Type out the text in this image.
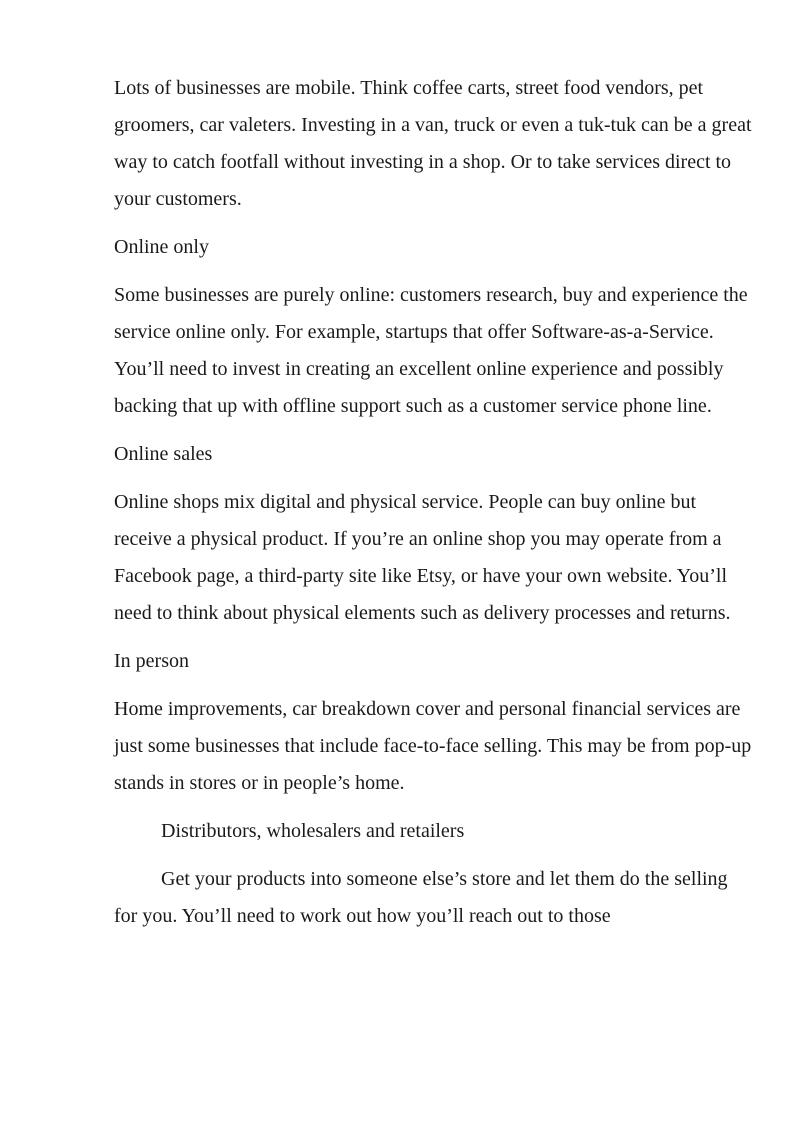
Lots of businesses are mobile. Think coffee carts, street food vendors, pet groomers, car valeters. Investing in a van, truck or even a tuk-tuk can be a great way to catch footfall without investing in a shop. Or to take services direct to your customers.

Online only

Some businesses are purely online: customers research, buy and experience the service online only. For example, startups that offer Software-as-a-Service. You’ll need to invest in creating an excellent online experience and possibly backing that up with offline support such as a customer service phone line.

Online sales

Online shops mix digital and physical service. People can buy online but receive a physical product. If you’re an online shop you may operate from a Facebook page, a third-party site like Etsy, or have your own website. You’ll need to think about physical elements such as delivery processes and returns.

In person

Home improvements, car breakdown cover and personal financial services are just some businesses that include face-to-face selling. This may be from pop-up stands in stores or in people’s home.

Distributors, wholesalers and retailers

Get your products into someone else’s store and let them do the selling for you. You’ll need to work out how you’ll reach out to those
